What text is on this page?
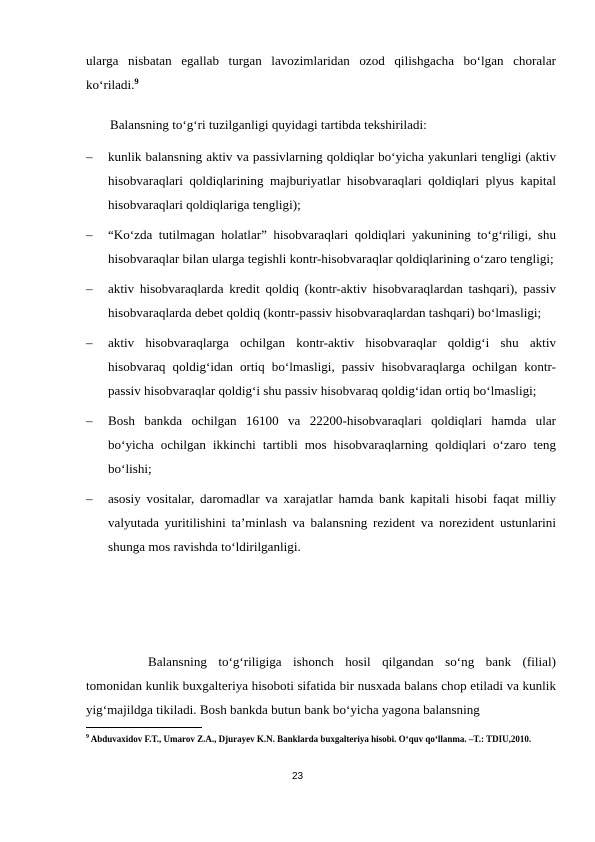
ularga nisbatan egallab turgan lavozimlaridan ozod qilishgacha bo‘lgan choralar ko‘riladi.$^9$
Balansning to‘g‘ri tuzilganligi quyidagi tartibda tekshiriladi:
– kunlik balansning aktiv va passivlarning qoldiqlar bo‘yicha yakunlari tengligi (aktiv hisobvaraqlari qoldiqlarining majburiyatlar hisobvaraqlari qoldiqlari plyus kapital hisobvaraqlari qoldiqlariga tengligi);
– “Ko‘zda tutilmagan holatlar” hisobvaraqlari qoldiqlari yakunining to‘g‘riligi, shu hisobvaraqlar bilan ularga tegishli kontr-hisobvaraqlar qoldiqlarining o‘zaro tengligi;
– aktiv hisobvaraqlarda kredit qoldiq (kontr-aktiv hisobvaraqlardan tashqari), passiv hisobvaraqlarda debet qoldiq (kontr-passiv hisobvaraqlardan tashqari) bo‘lmasligi;
– aktiv hisobvaraqlarga ochilgan kontr-aktiv hisobvaraqlar qoldig‘i shu aktiv hisobvaraq qoldig‘idan ortiq bo‘lmasligi, passiv hisobvaraqlarga ochilgan kontr-passiv hisobvaraqlar qoldig‘i shu passiv hisobvaraq qoldig‘idan ortiq bo‘lmasligi;
– Bosh bankda ochilgan 16100 va 22200-hisobvaraqlari qoldiqlari hamda ular bo‘yicha ochilgan ikkinchi tartibli mos hisobvaraqlarning qoldiqlari o‘zaro teng bo‘lishi;
– asosiy vositalar, daromadlar va xarajatlar hamda bank kapitali hisobi faqat milliy valyutada yuritilishini ta’minlash va balansning rezident va norezident ustunlarini shunga mos ravishda to‘ldirilganligi.
Balansning to‘g‘riligiga ishonch hosil qilgandan so‘ng bank (filial) tomonidan kunlik buxgalteriya hisoboti sifatida bir nusxada balans chop etiladi va kunlik yig‘majildga tikiladi. Bosh bankda butun bank bo‘yicha yagona balansning
$^9$ Abduvaxidov F.T., Umarov Z.A., Djurayev K.N. Banklarda buxgalteriya hisobi. O‘quv qo‘llanma. –T.: TDIU,2010.
23
